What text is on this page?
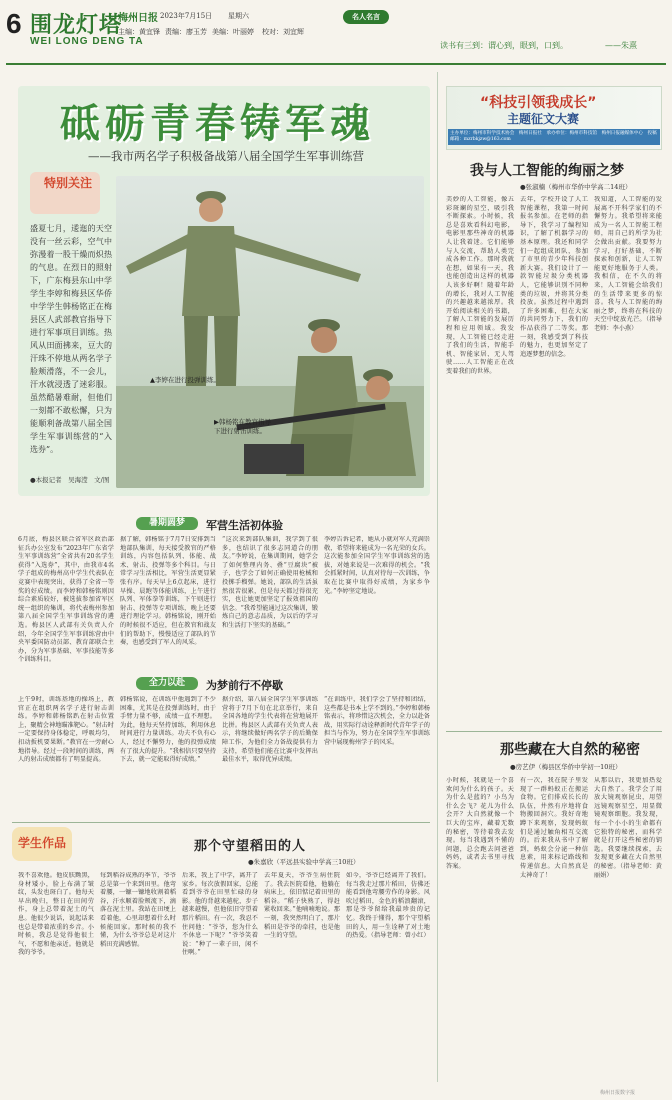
6 围龙灯塔
WEI LONG DENG TA
梅州日报 2023年7月15日 星期六
主编：黄宜锋 责编：廖玉芳 美编：叶丽婷 校对：刘宜辉
名人名言
读书有三到：谓心到，眼到，口到。	——朱熹
砥砺青春铸军魂
——我市两名学子积极备战第八届全国学生军事训练营
特别关注
▲李婷在进行投弹训练。
▶韩杨铭在教官指导下进行射击训练。
盛夏七月，逶迤的天空没有一丝云彩，空气中弥漫着一股干燥而炽热的气息。在烈日的照射下，广东梅县东山中学学生李婷和梅县区华侨中学学生韩杨铭正在梅县区人武部教官指导下进行军事项目训练。热风从田面拂来，豆大的汗珠不停地从两名学子脸颊滑落，不一会儿，汗水就浸透了迷彩服。虽然酷暑难耐，但他们一刻都不敢松懈，只为能顺利备战第八届全国学生军事训练营的“入选券”。
●本报记者　吴海滢　文/图
暑期圆梦	军营生活初体验
6月底，梅县区联合省军区政治部征兵办公室发布“2023年广东省学生军事训练营”全省共有20名学生获得“入选券”，其中，由我市4名学子组成的梅州高中学生代表队在竞赛中表现突出，获得了全省一等奖的好成绩。而李婷和韩杨铭则因综合素质较好，被选拔参加省军区统一组织的集训，将代表梅州参加第八届全国学生军事训练营的遴选。梅县区人武部有关负责人介绍，今年全国学生军事训练营由中央军委国防动员部、教育部联合主办，分为军事基础、军事技能等多个训练科目。
据了解，韩杨铭于7月7日安排到当地部队集训，每天接受教官的严格训练，内容包括队列、体能、战术、射击、投弹等多个科目。与日常学习生活相比，军营生活更显紧张有序。每天早上6点起床，进行早操、晨跑等体能训练，上午进行队列、军体拳等训练，下午则进行射击、投弹等专项训练，晚上还要进行理论学习。韩杨铭说，刚开始的时候很不适应，但在教官和战友们的帮助下，慢慢适应了部队的节奏，也感受到了军人的风采。
“这次来到部队集训，我学到了很多，也结识了很多志同道合的朋友。”李婷说，在集训期间，她学会了如何整理内务、叠“豆腐块”被子，也学会了如何正确使用枪械和投掷手榴弹。她说，部队的生活虽然很苦很累，但是每天都过得很充实，也让她更加坚定了报效祖国的信念。“我希望能通过这次集训，锻炼自己的意志品质，为以后的学习和生活打下坚实的基础。”
李婷告诉记者，她从小就对军人充满崇敬，希望将来能成为一名光荣的女兵。这次能参加全国学生军事训练营的选拔，对她来说是一次难得的机会。“我会抓紧时间，认真对待每一次训练，争取在比赛中取得好成绩，为家乡争光。”李婷坚定地说。
全力以赴	为梦前行不停歇
上午9时，训练基地的操场上，教官正在组织两名学子进行射击训练。李婷和韩杨铭趴在射击位置上，聚精会神地瞄准靶心。“射击时一定要保持身体稳定，呼吸均匀，扣动扳机要果断。”教官在一旁耐心地指导。经过一段时间的训练，两人的射击成绩都有了明显提高。
韩杨铭说，在训练中他遇到了不少困难，尤其是在投弹训练时，由于手臂力量不够，成绩一直不理想。为此，他每天坚持加练，利用休息时间进行力量训练。功夫不负有心人，经过不懈努力，他的投弹成绩有了很大的提升。“我相信只要坚持下去，就一定能取得好成绩。”
据介绍，第八届全国学生军事训练营将于7月下旬在北京举行，来自全国各地的学生代表将在营地展开比拼。梅县区人武部有关负责人表示，将继续做好两名学子的后勤保障工作，为他们全力备战提供有力支持，希望他们能在比赛中发挥出最佳水平，取得优异成绩。
“在训练中，我们学会了坚持和团结，这些都是书本上学不到的。”李婷和韩杨铭表示，将珍惜这次机会，全力以赴备战，用实际行动诠释新时代青年学子的担当与作为，努力在全国学生军事训练营中展现梅州学子的风采。
学生作品	那个守望稻田的人
●朱嘉欣（平远县实验中学高三10班）
我不喜欢他。他皮肤黝黑，身材矮小，脸上布满了皱纹，头发也斑白了。他每天早出晚归，整日在田间劳作，身上总带着泥土的气息。他很少说话，说起话来也总是带着浓重的乡音。小时候，我总是觉得他很土气，不愿和他亲近。他就是我的爷爷。
每到稻谷成熟的季节，爷爷总是第一个来到田里。他弯着腰，一镰一镰地收割着稻谷，汗水顺着脸颊流下，滴落在泥土里。我站在田埂上看着他，心里却想着什么时候能回家。那时候的我不懂，为什么爷爷总是对这片稻田充满感情。
后来，我上了中学，离开了家乡。每次放假回家，总能看到爷爷在田里忙碌的身影。他的背越来越驼，步子越来越慢，但他依旧守望着那片稻田。有一次，我忍不住问他：“爷爷，您为什么不休息一下呢？”爷爷笑着说：“种了一辈子田，闲不住啊。”
去年夏天，爷爷生病住院了。我去医院看他，他躺在病床上，依旧惦记着田里的稻谷。“稻子快熟了，得赶紧收回来。”他喃喃地说。那一刻，我突然明白了，那片稻田是爷爷的牵挂，也是他一生的守望。
如今，爷爷已经离开了我们。每当我走过那片稻田，仿佛还能看到他弯腰劳作的身影。风吹过稻田，金色的稻浪翻滚，那是爷爷留给我最珍贵的记忆。我终于懂得，那个守望稻田的人，用一生诠释了对土地的热爱。（指导老师：曾小红）
“科技引领我成长”
主题征文大赛
主办单位：梅州市科学技术协会　梅州日报社　承办单位：梅州市科技馆　梅州日报融媒体中心　投稿邮箱：mzrbkjzw@163.com
我与人工智能的绚丽之梦
●张淑楠（梅州市华侨中学高二14班）
美妙的人工智能，像五彩斑斓的星空，吸引我不断探索。小时候，我总是喜欢看科幻电影，电影里那些神奇的机器人让我着迷。它们能够与人交流，帮助人类完成各种工作。那时我就在想，如果有一天，我也能创造出这样的机器人该多好啊！随着年龄的增长，我对人工智能的兴趣越来越浓厚。我开始阅读相关的书籍，了解人工智能的发展历程和应用领域。我发现，人工智能已经走进了我们的生活，智能手机、智能家居、无人驾驶……人工智能正在改变着我们的世界。
去年，学校开设了人工智能课程，我第一时间报名参加。在老师的指导下，我学习了编程知识，了解了机器学习的基本原理。我还和同学们一起组成团队，参加了市里的青少年科技创新大赛。我们设计了一款智能垃圾分类机器人，它能够识别不同种类的垃圾，并将其分类投放。虽然过程中遇到了许多困难，但在大家的共同努力下，我们的作品获得了二等奖。那一刻，我感受到了科技的魅力，也更加坚定了追逐梦想的信念。
我知道，人工智能的发展离不开科学家们的不懈努力。我希望将来能成为一名人工智能工程师，用自己的所学为社会做出贡献。我要努力学习，打好基础，不断探索和创新，让人工智能更好地服务于人类。我相信，在不久的将来，人工智能会给我们的生活带来更多的惊喜。我与人工智能的绚丽之梦，终将在科技的天空中绽放光芒。（指导老师：李小燕）
那些藏在大自然的秘密
●房艺伊（梅县区华侨中学初一10班）
小时候，我就是一个喜欢问为什么的孩子。天为什么是蓝的？小鸟为什么会飞？花儿为什么会开？大自然就像一个巨大的宝库，藏着无数的秘密，等待着我去发现。每当我遇到不懂的问题，总会跑去问爸爸妈妈，或者去书里寻找答案。
有一次，我在院子里发现了一群蚂蚁正在搬运食物。它们排成长长的队伍，井然有序地将食物搬回洞穴。我好奇地蹲下来观察，发现蚂蚁们是通过触角相互交流的。后来我从书中了解到，蚂蚁会分泌一种信息素，用来标记路线和传递信息。大自然真是太神奇了！
从那以后，我更加热爱大自然了。我学会了用放大镜观察昆虫，用望远镜观察星空，用显微镜观察细胞。我发现，每一个小小的生命都有它独特的秘密，而科学就是打开这些秘密的钥匙。我要继续探索，去发现更多藏在大自然里的秘密。（指导老师：黄丽娟）
梅州日报数字报
